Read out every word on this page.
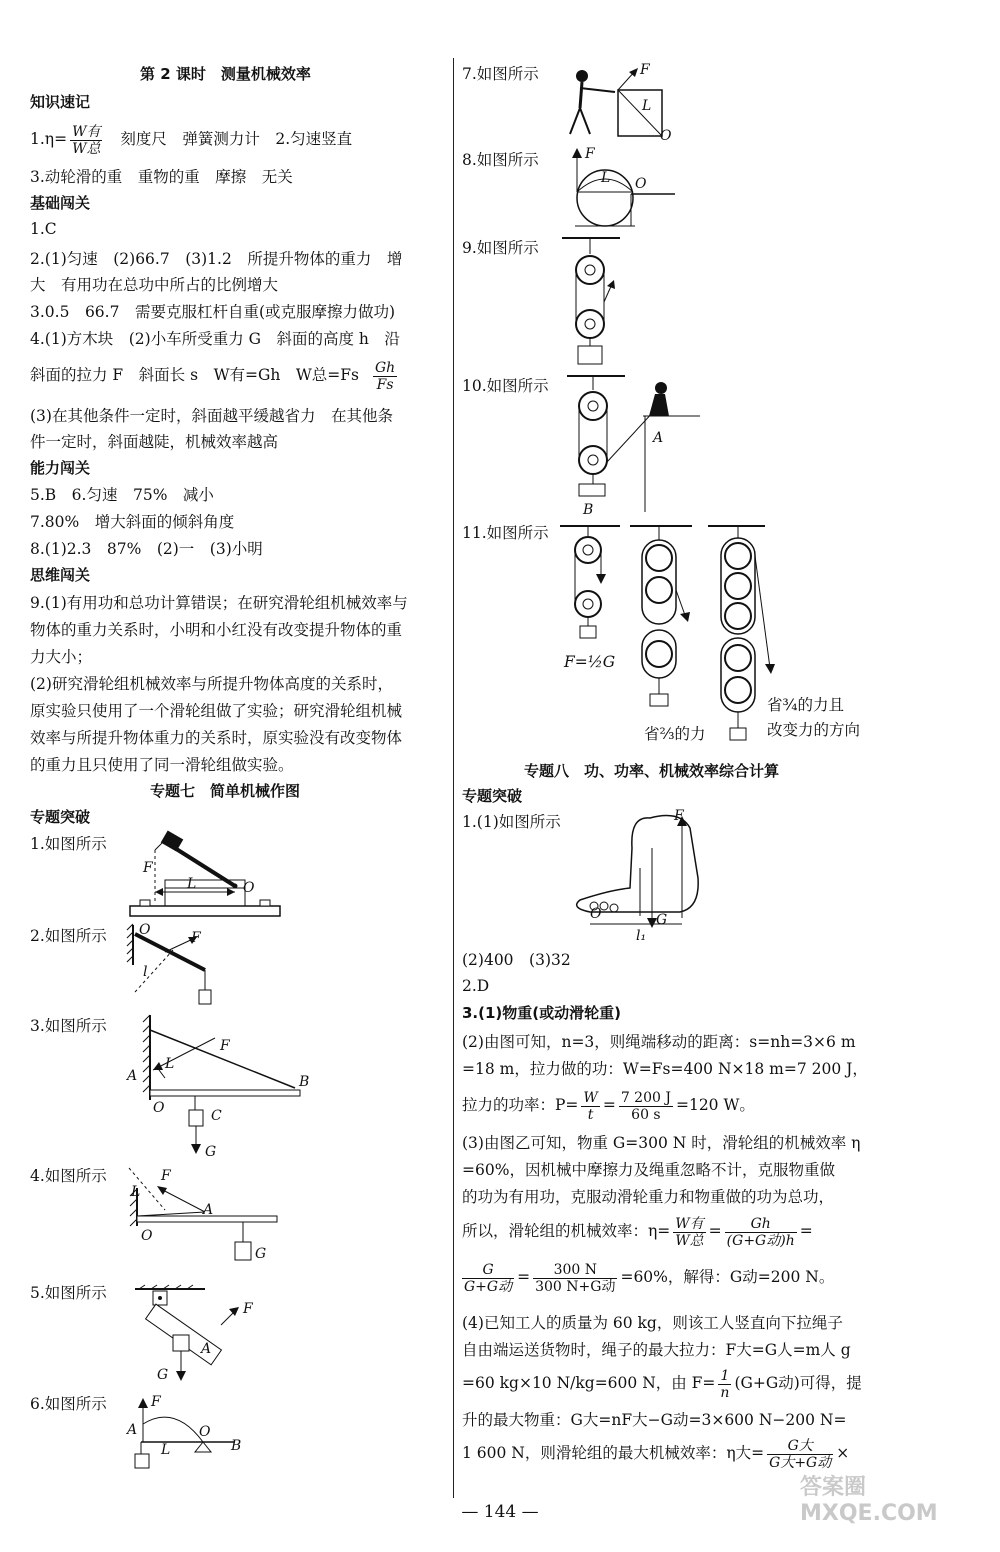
第 2 课时　测量机械效率
知识速记
$1.\eta= \frac{\text{W有}}{\text{W总}}$ 刻度尺　弹簧测力计　2.匀速竖直
3.动轮滑的重　重物的重　摩擦　无关
基础闯关
1.C
2.(1)匀速　(2)66.7　(3)1.2　所提升物体的重力　增
大　有用功在总功中所占的比例增大
3.0.5　66.7　需要克服杠杆自重(或克服摩擦力做功)
4.(1)方木块　(2)小车所受重力 G　斜面的高度 h　沿
斜面的拉力 F　斜面长 s　W有=Gh　W总$=Fs \frac{Gh}{Fs}$
(3)在其他条件一定时，斜面越平缓越省力　在其他条
件一定时，斜面越陡，机械效率越高
能力闯关
5.B　6.匀速　75%　减小
7.80%　增大斜面的倾斜角度
8.(1)2.3　87%　(2)一　(3)小明
思维闯关
9.(1)有用功和总功计算错误；在研究滑轮组机械效率与
物体的重力关系时，小明和小红没有改变提升物体的重
力大小；
(2)研究滑轮组机械效率与所提升物体高度的关系时，
原实验只使用了一个滑轮组做了实验；研究滑轮组机械
效率与所提升物体重力的关系时，原实验没有改变物体
的重力且只使用了同一滑轮组做实验。
专题七　简单机械作图
专题突破
1.如图所示
2.如图所示
3.如图所示
4.如图所示
5.如图所示
6.如图所示
F
L	O
O	F
l
F
L
A
O
B
C
G
F
L
A
O
G
F
A
G
F
A
L
O
B
7.如图所示
8.如图所示
9.如图所示
10.如图所示
11.如图所示
F=½G
省⅔的力
省¾的力且
改变力的方向
专题八　功、功率、机械效率综合计算
专题突破
1.(1)如图所示
(2)400　(3)32
2.D
3.(1)物重(或动滑轮重)
(2)由图可知，n=3，则绳端移动的距离：s=nh=3×6 m
=18 m，拉力做的功：W=Fs=400 N×18 m=7 200 J，
拉力的功率：$P= \frac{W}{t} = \frac{7 200 J}{60 s} =120$ W。
(3)由图乙可知，物重 G=300 N 时，滑轮组的机械效率 η
=60%，因机械中摩擦力及绳重忽略不计，克服物重做
的功为有用功，克服动滑轮重力和物重做的功为总功，
所以，滑轮组的机械效率：$\eta= \frac{\text{W有}}{\text{W总}} = \frac{Gh}{\text{(G+G动)h}}$ =
$\frac{G}{\text{G+G动}} = \frac{300 N}{\text{300 N+G动}} =60\%$，解得：G动=200 N。
(4)已知工人的质量为 60 kg，则该工人竖直向下拉绳子
自由端运送货物时，绳子的最大拉力：F大=G人=m人 g
=60 kg×10 N/kg=600 N，由 $F= \frac{1}{n} (G+G$动)可得，提
升的最大物重：G大=nF大−G动=3×600 N−200 N=
1 600 N，则滑轮组的最大机械效率：η大= $\frac{\text{G大}}{\text{G大+G动}}$ ×
F
L
O
F
L O
A
B
F
O	G
l₁
— 144 —
答案圈 MXQE.COM
